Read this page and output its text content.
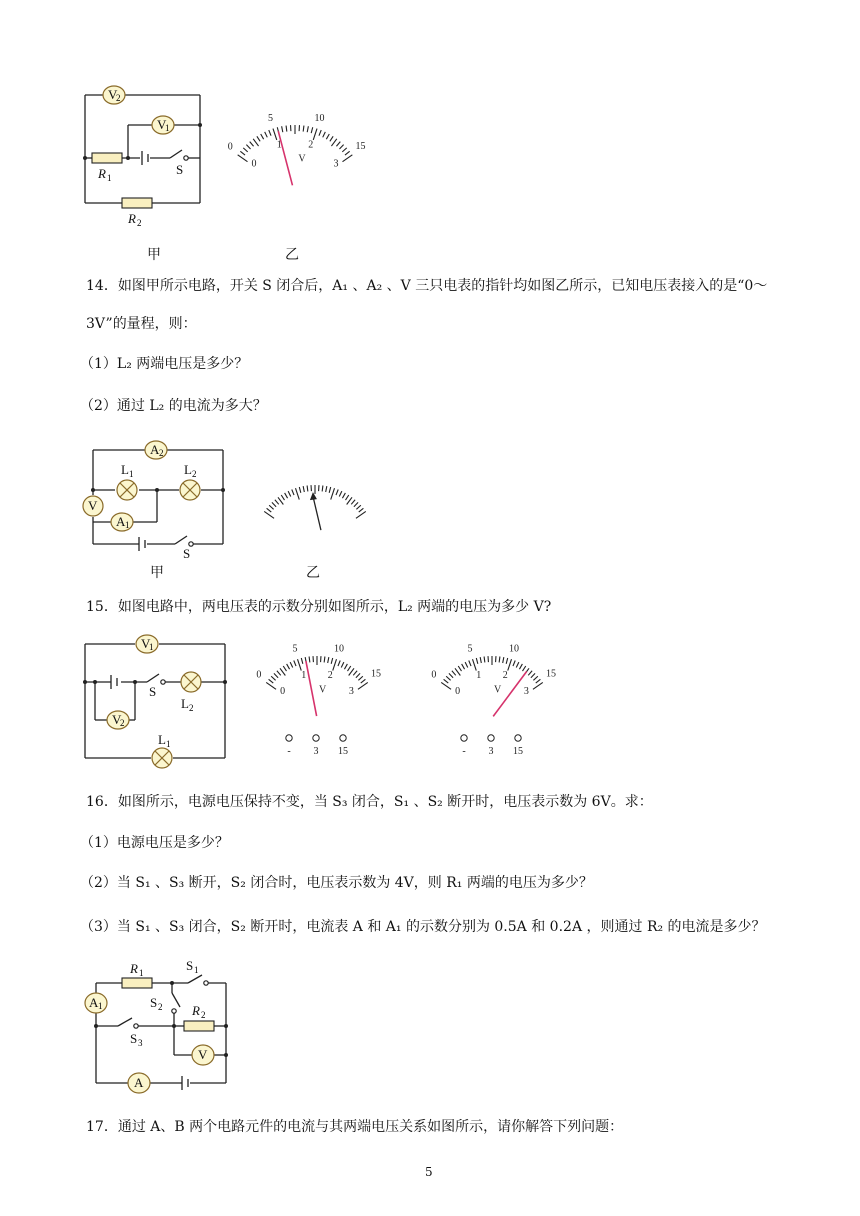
V
2
V
1
R 1
S
R 2
0
5	10
15
0
1	2
3
V
甲	乙
14．如图甲所示电路，开关 S 闭合后，A₁ 、A₂ 、V 三只电表的指针均如图乙所示，已知电压表接入的是“0～
3V”的量程，则：
（1）L₂ 两端电压是多少？
（2）通过 L₂ 的电流为多大？
A 2
L 1	L 2
V
A 1
S
甲	乙
15．如图电路中，两电压表的示数分别如图所示，L₂ 两端的电压为多少 V?
V
1
S
L 2
V
2
L 1
0
5	10
15
0
1 2
3
V
- 3 15
0
5	10
15
0
1 2
3
V
- 3 15
16．如图所示，电源电压保持不变，当 S₃ 闭合，S₁ 、S₂ 断开时，电压表示数为 6V。求：
（1）电源电压是多少？
（2）当 S₁ 、S₃ 断开，S₂ 闭合时，电压表示数为 4V，则 R₁ 两端的电压为多少？
（3）当 S₁ 、S₃ 闭合，S₂ 断开时，电流表 A 和 A₁ 的示数分别为 0.5A 和 0.2A ，则通过 R₂ 的电流是多少？
R 1	S 1
A 1	S 2 R 2
S 3
V
A
17．通过 A、B 两个电路元件的电流与其两端电压关系如图所示，请你解答下列问题：
5
